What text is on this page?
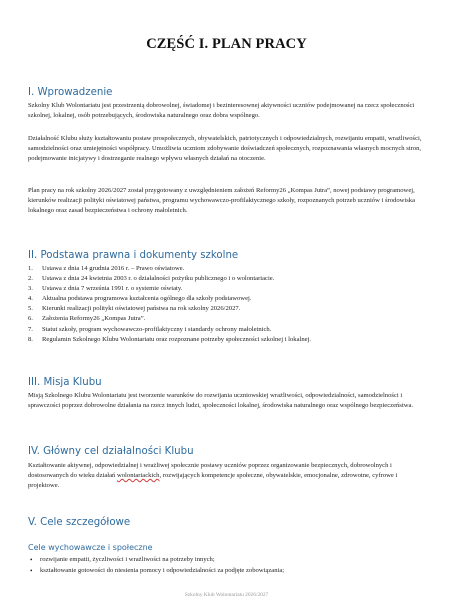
CZĘŚĆ I. PLAN PRACY
I. Wprowadzenie
Szkolny Klub Wolontariatu jest przestrzenią dobrowolnej, świadomej i bezinteresownej aktywności uczniów podejmowanej na rzecz społeczności szkolnej, lokalnej, osób potrzebujących, środowiska naturalnego oraz dobra wspólnego.
Działalność Klubu służy kształtowaniu postaw prospołecznych, obywatelskich, patriotycznych i odpowiedzialnych, rozwijaniu empatii, wrażliwości, samodzielności oraz umiejętności współpracy. Umożliwia uczniom zdobywanie doświadczeń społecznych, rozpoznawania własnych mocnych stron, podejmowanie inicjatywy i dostrzeganie realnego wpływu własnych działań na otoczenie.
Plan pracy na rok szkolny 2026/2027 został przygotowany z uwzględnieniem założeń Reformy26 „Kompas Jutra”, nowej podstawy programowej, kierunków realizacji polityki oświatowej państwa, programu wychowawczo-profilaktycznego szkoły, rozpoznanych potrzeb uczniów i środowiska lokalnego oraz zasad bezpieczeństwa i ochrony małoletnich.
II. Podstawa prawna i dokumenty szkolne
1. Ustawa z dnia 14 grudnia 2016 r. – Prawo oświatowe.
2. Ustawa z dnia 24 kwietnia 2003 r. o działalności pożytku publicznego i o wolontariacie.
3. Ustawa z dnia 7 września 1991 r. o systemie oświaty.
4. Aktualna podstawa programowa kształcenia ogólnego dla szkoły podstawowej.
5. Kierunki realizacji polityki oświatowej państwa na rok szkolny 2026/2027.
6. Założenia Reformy26 „Kompas Jutra”.
7. Statut szkoły, program wychowawczo-profilaktyczny i standardy ochrony małoletnich.
8. Regulamin Szkolnego Klubu Wolontariatu oraz rozpoznane potrzeby społeczności szkolnej i lokalnej.
III. Misja Klubu
Misją Szkolnego Klubu Wolontariatu jest tworzenie warunków do rozwijania uczniowskiej wrażliwości, odpowiedzialności, samodzielności i sprawczości poprzez dobrowolne działania na rzecz innych ludzi, społeczności lokalnej, środowiska naturalnego oraz wspólnego bezpieczeństwa.
IV. Główny cel działalności Klubu
Kształtowanie aktywnej, odpowiedzialnej i wrażliwej społecznie postawy uczniów poprzez organizowanie bezpiecznych, dobrowolnych i dostosowanych do wieku działań wolontariackich, rozwijających kompetencje społeczne, obywatelskie, emocjonalne, zdrowotne, cyfrowe i projektowe.
V. Cele szczegółowe
Cele wychowawcze i społeczne
• rozwijanie empatii, życzliwości i wrażliwości na potrzeby innych;
• kształtowanie gotowości do niesienia pomocy i odpowiedzialności za podjęte zobowiązania;
Szkolny Klub Wolontariatu 2026/2027
